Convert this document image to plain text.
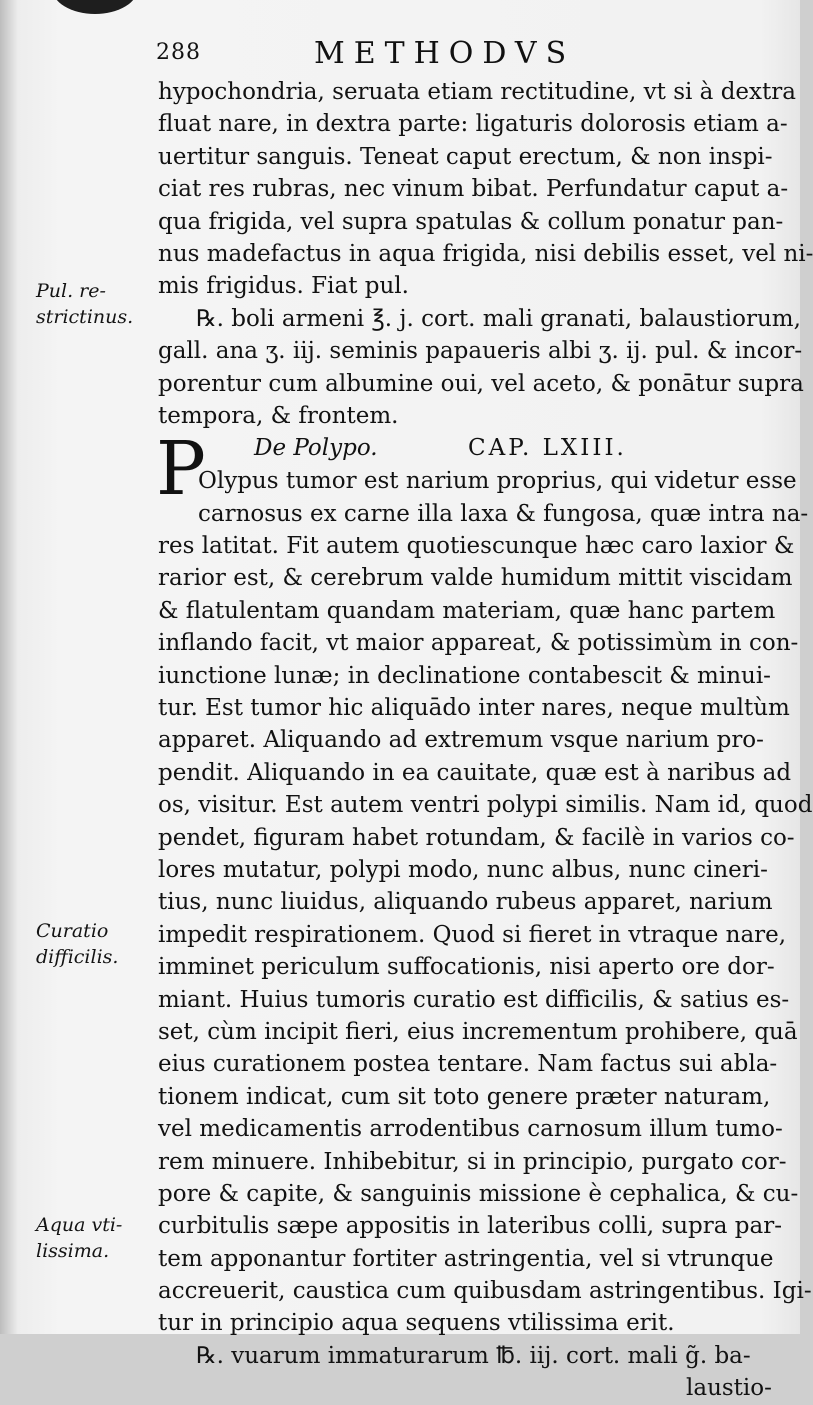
288	METHODVS
P
hypochondria, seruata etiam rectitudine, vt si à dextra
fluat nare, in dextra parte: ligaturis dolorosis etiam a-
uertitur sanguis. Teneat caput erectum, & non inspi-
ciat res rubras, nec vinum bibat. Perfundatur caput a-
qua frigida, vel supra spatulas & collum ponatur pan-
nus madefactus in aqua frigida, nisi debilis esset, vel ni-
mis frigidus. Fiat pul.
℞. boli armeni ℥. j. cort. mali granati, balaustiorum,
gall. ana ʒ. iij. seminis papaueris albi ʒ. ij. pul. & incor-
porentur cum albumine oui, vel aceto, & ponātur supra
tempora, & frontem.
De Polypo.	CAP. LXIII.
Olypus tumor est narium proprius, qui videtur esse
carnosus ex carne illa laxa & fungosa, quæ intra na-
res latitat. Fit autem quotiescunque hæc caro laxior &
rarior est, & cerebrum valde humidum mittit viscidam
& flatulentam quandam materiam, quæ hanc partem
inflando facit, vt maior appareat, & potissimùm in con-
iunctione lunæ; in declinatione contabescit & minui-
tur. Est tumor hic aliquādo inter nares, neque multùm
apparet. Aliquando ad extremum vsque narium pro-
pendit. Aliquando in ea cauitate, quæ est à naribus ad
os, visitur. Est autem ventri polypi similis. Nam id, quod
pendet, figuram habet rotundam, & facilè in varios co-
lores mutatur, polypi modo, nunc albus, nunc cineri-
tius, nunc liuidus, aliquando rubeus apparet, narium
impedit respirationem. Quod si fieret in vtraque nare,
imminet periculum suffocationis, nisi aperto ore dor-
miant. Huius tumoris curatio est difficilis, & satius es-
set, cùm incipit fieri, eius incrementum prohibere, quā
eius curationem postea tentare. Nam factus sui abla-
tionem indicat, cum sit toto genere præter naturam,
vel medicamentis arrodentibus carnosum illum tumo-
rem minuere. Inhibebitur, si in principio, purgato cor-
pore & capite, & sanguinis missione è cephalica, & cu-
curbitulis sæpe appositis in lateribus colli, supra par-
tem apponantur fortiter astringentia, vel si vtrunque
accreuerit, caustica cum quibusdam astringentibus. Igi-
tur in principio aqua sequens vtilissima erit.
℞. vuarum immaturarum ℔. iij. cort. mali g̃. ba-
laustio-
Pul. re-
strictinus.
Curatio
difficilis.
Aqua vti-
lissima.
